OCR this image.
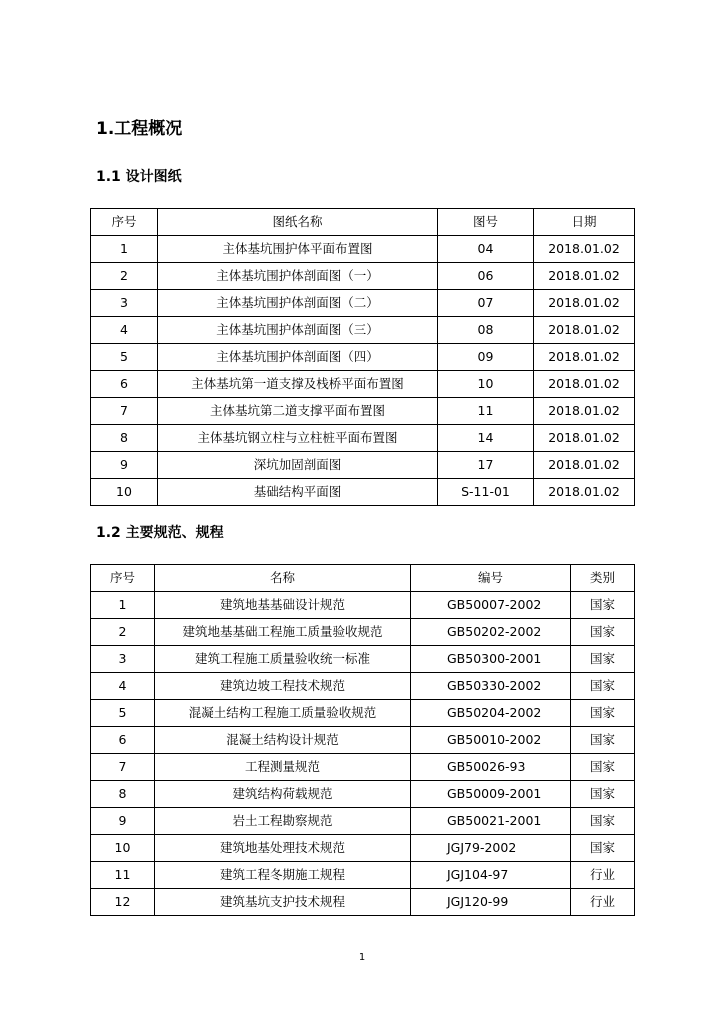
1.工程概况
1.1 设计图纸
序号	图纸名称	图号	日期
1	主体基坑围护体平面布置图	04	2018.01.02
2	主体基坑围护体剖面图（一）	06	2018.01.02
3	主体基坑围护体剖面图（二）	07	2018.01.02
4	主体基坑围护体剖面图（三）	08	2018.01.02
5	主体基坑围护体剖面图（四）	09	2018.01.02
6	主体基坑第一道支撑及栈桥平面布置图	10	2018.01.02
7	主体基坑第二道支撑平面布置图	11	2018.01.02
8	主体基坑钢立柱与立柱桩平面布置图	14	2018.01.02
9	深坑加固剖面图	17	2018.01.02
10	基础结构平面图	S-11-01	2018.01.02
1.2 主要规范、规程
序号	名称	编号	类别
1	建筑地基基础设计规范	GB50007-2002	国家
2	建筑地基基础工程施工质量验收规范	GB50202-2002	国家
3	建筑工程施工质量验收统一标准	GB50300-2001	国家
4	建筑边坡工程技术规范	GB50330-2002	国家
5	混凝土结构工程施工质量验收规范	GB50204-2002	国家
6	混凝土结构设计规范	GB50010-2002	国家
7	工程测量规范	GB50026-93	国家
8	建筑结构荷载规范	GB50009-2001	国家
9	岩土工程勘察规范	GB50021-2001	国家
10	建筑地基处理技术规范	JGJ79-2002	国家
11	建筑工程冬期施工规程	JGJ104-97	行业
12	建筑基坑支护技术规程	JGJ120-99	行业
1
